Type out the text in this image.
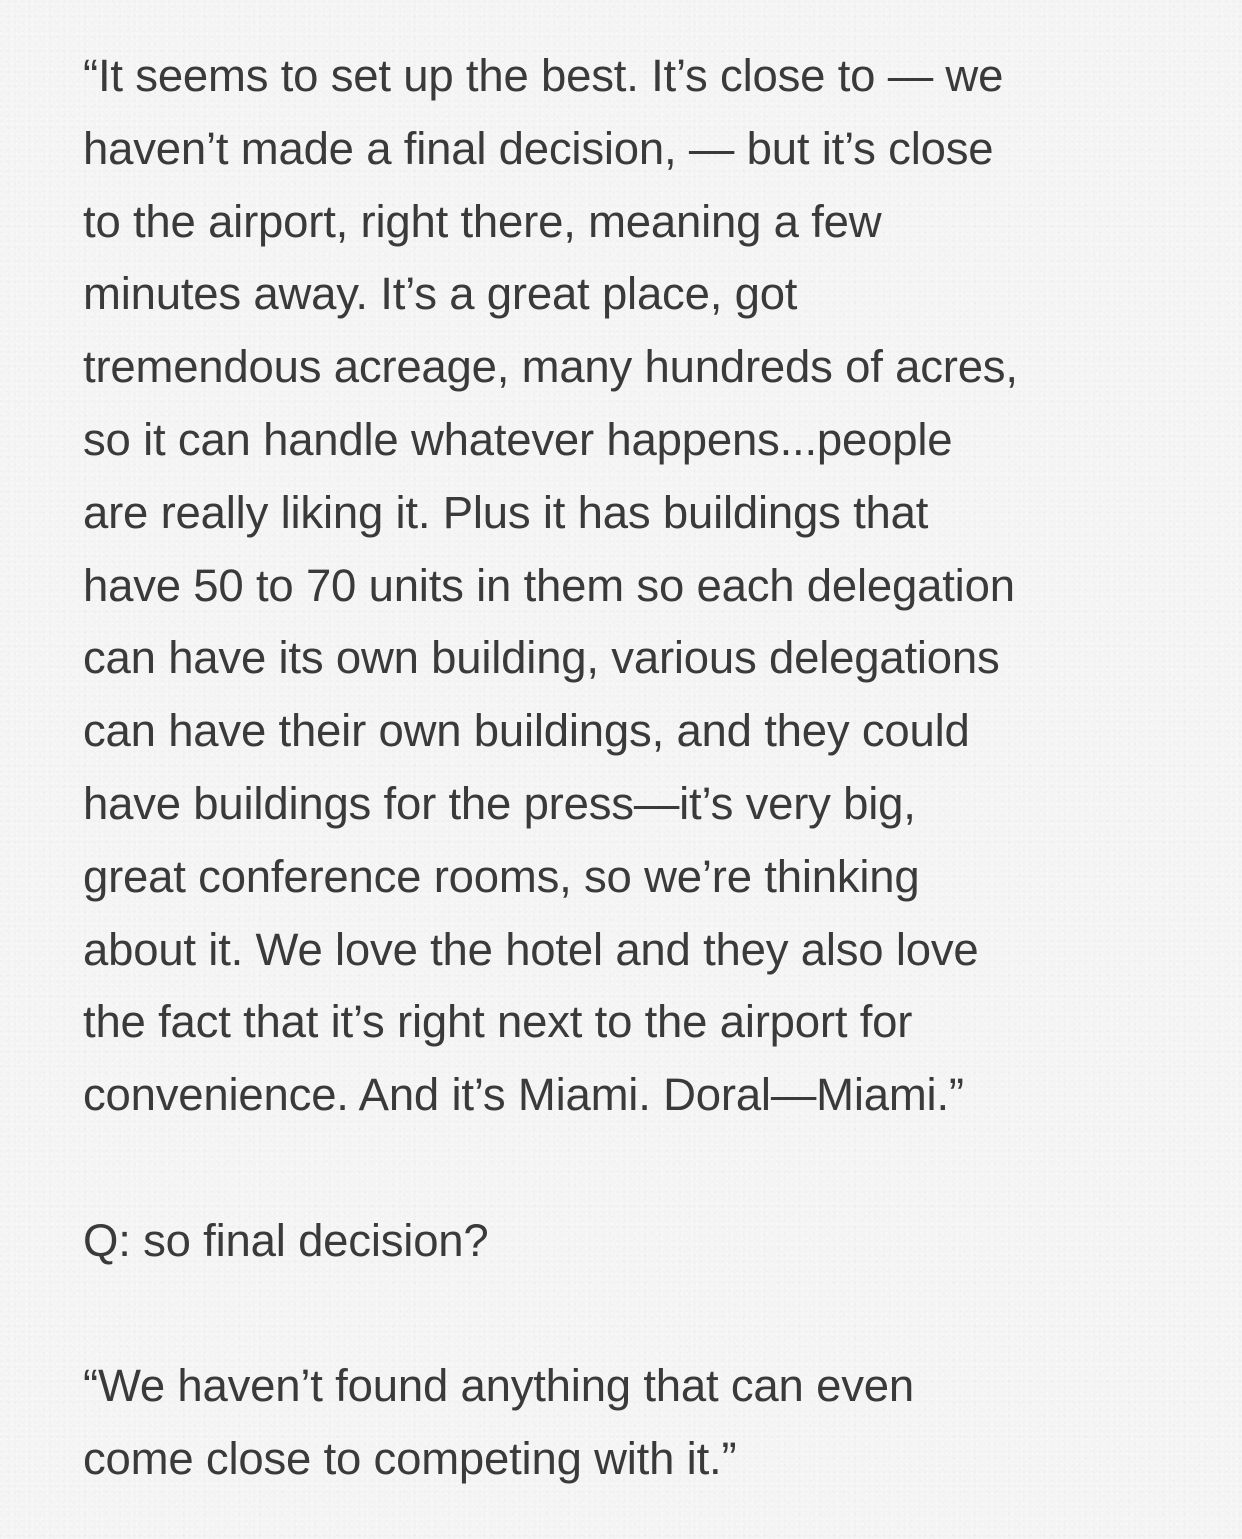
“It seems to set up the best. It’s close to — we
haven’t made a final decision, — but it’s close
to the airport, right there, meaning a few
minutes away. It’s a great place, got
tremendous acreage, many hundreds of acres,
so it can handle whatever happens...people
are really liking it. Plus it has buildings that
have 50 to 70 units in them so each delegation
can have its own building, various delegations
can have their own buildings, and they could
have buildings for the press—it’s very big,
great conference rooms, so we’re thinking
about it. We love the hotel and they also love
the fact that it’s right next to the airport for
convenience. And it’s Miami. Doral—Miami.”
Q: so final decision?
“We haven’t found anything that can even
come close to competing with it.”
